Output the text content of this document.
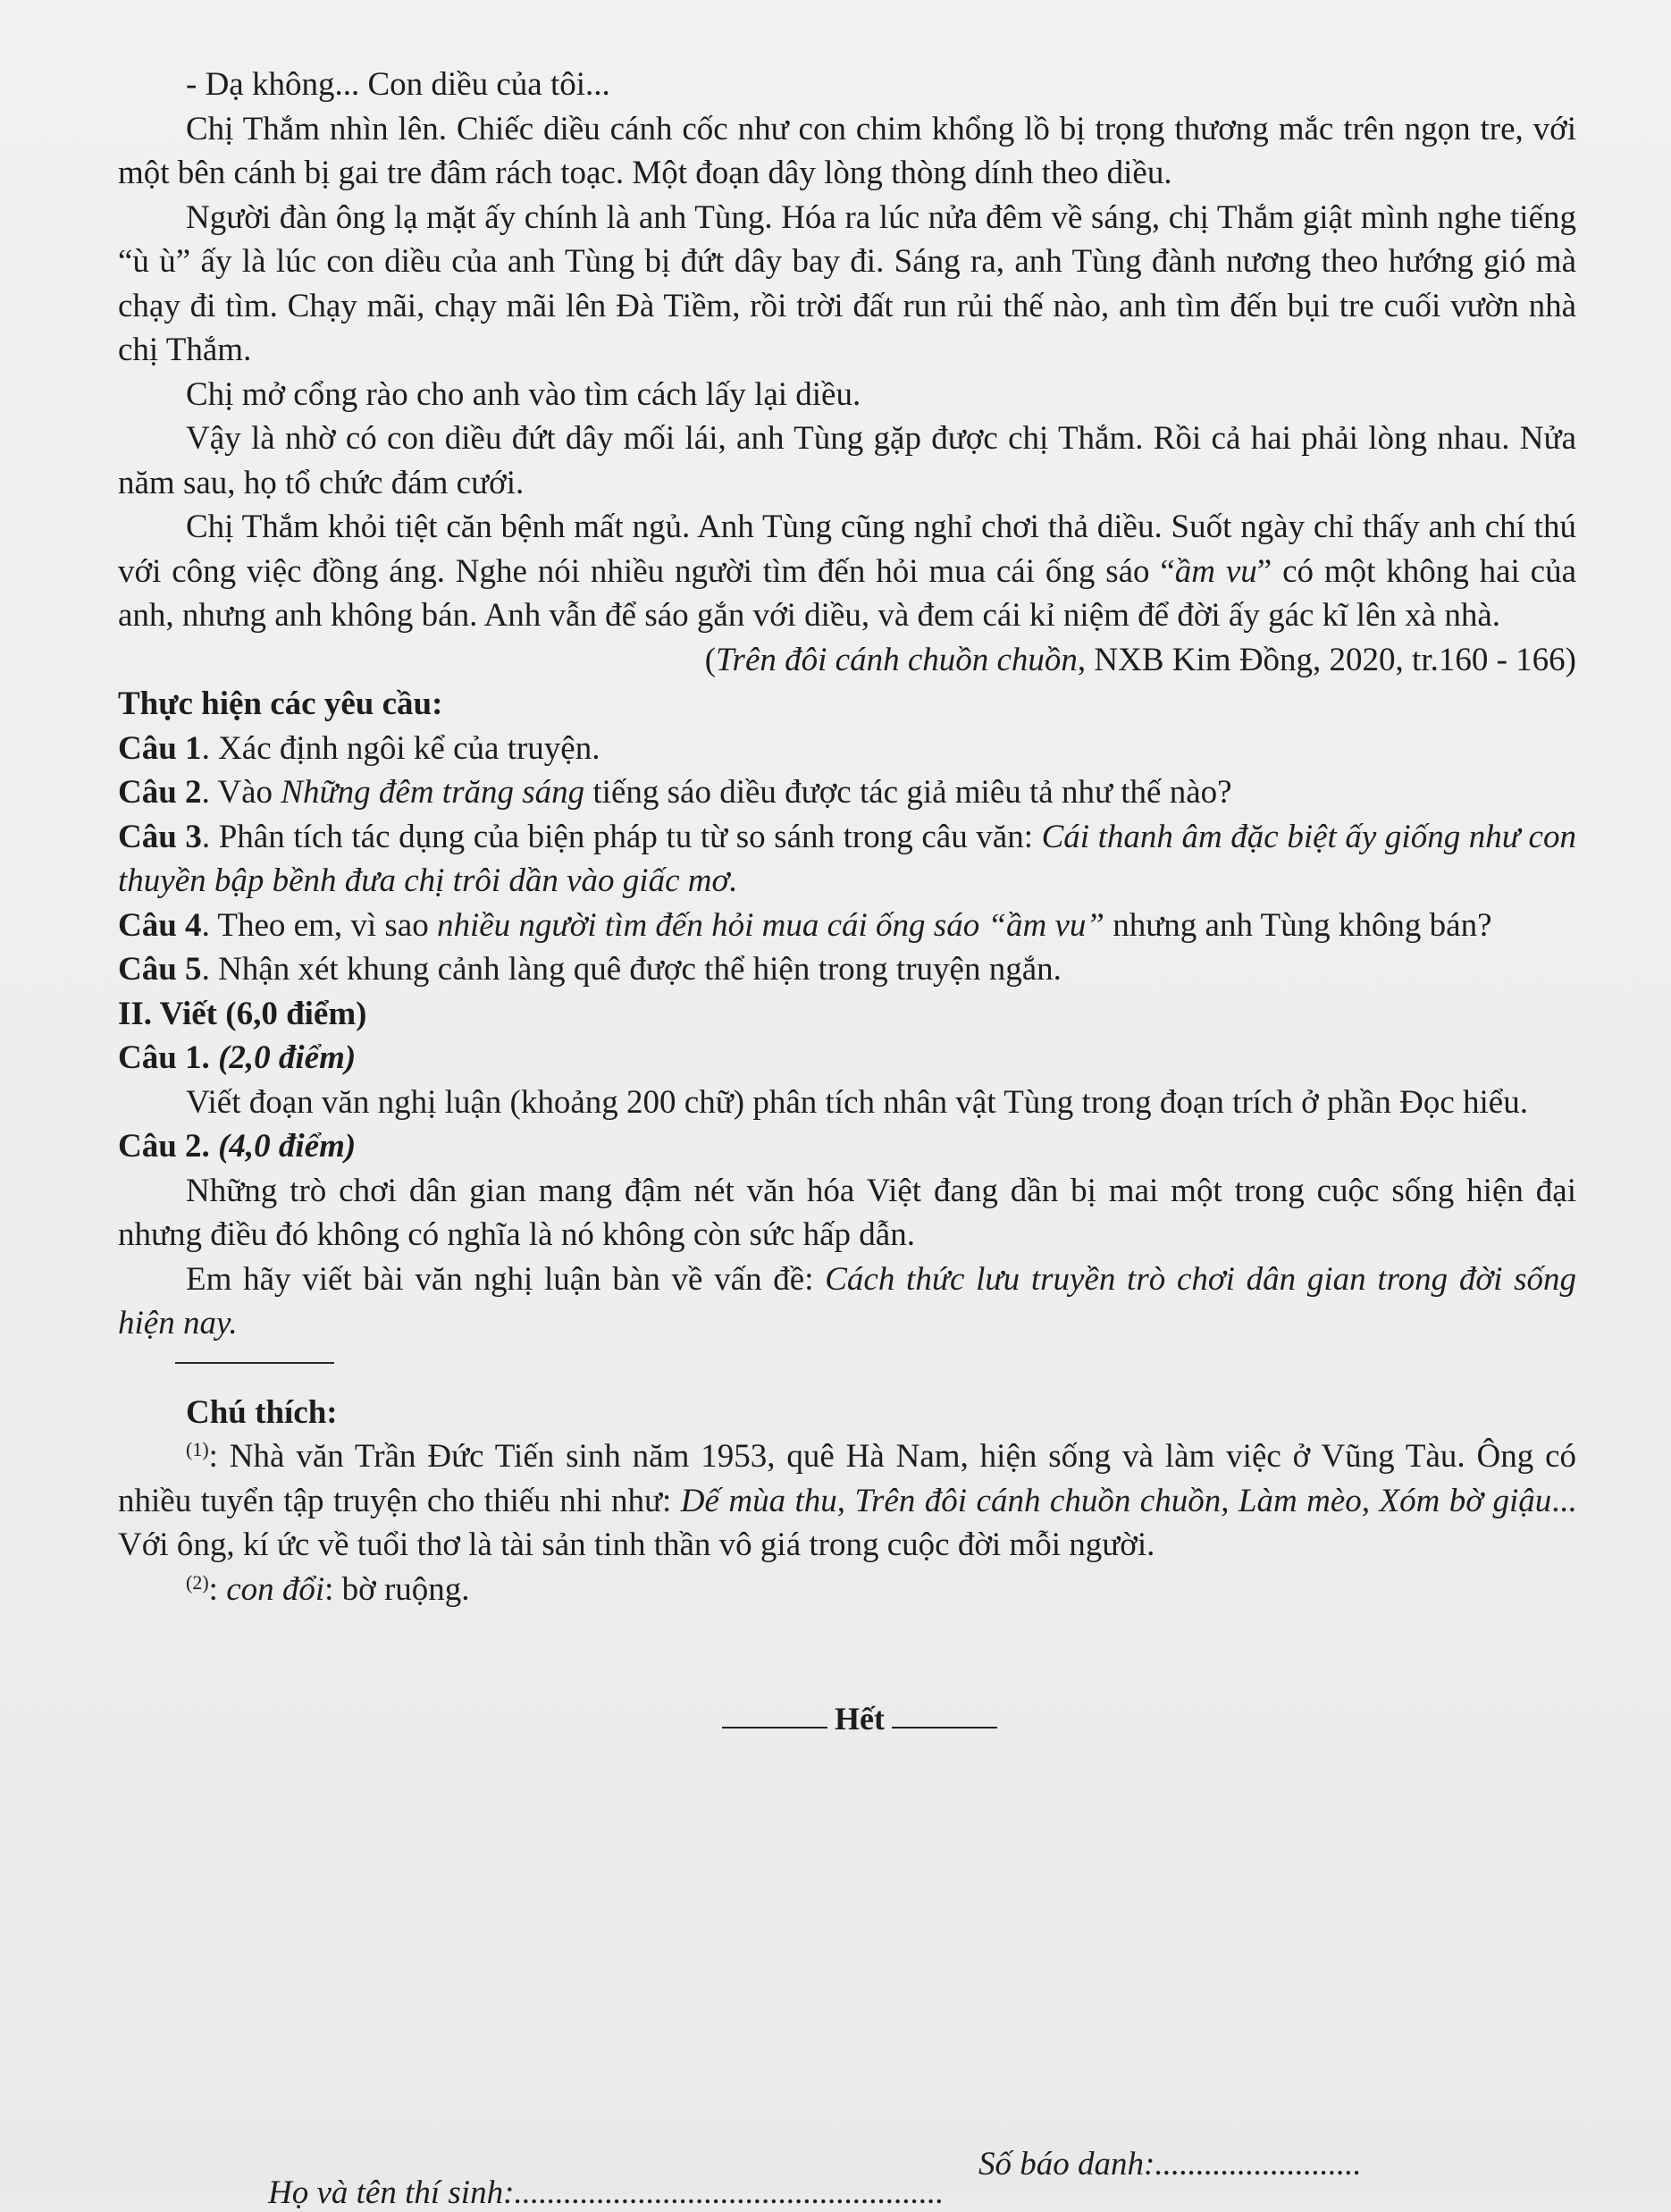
- Dạ không... Con diều của tôi...

Chị Thắm nhìn lên. Chiếc diều cánh cốc như con chim khổng lồ bị trọng thương mắc trên ngọn tre, với một bên cánh bị gai tre đâm rách toạc. Một đoạn dây lòng thòng dính theo diều.

Người đàn ông lạ mặt ấy chính là anh Tùng. Hóa ra lúc nửa đêm về sáng, chị Thắm giật mình nghe tiếng “ù ù” ấy là lúc con diều của anh Tùng bị đứt dây bay đi. Sáng ra, anh Tùng đành nương theo hướng gió mà chạy đi tìm. Chạy mãi, chạy mãi lên Đà Tiềm, rồi trời đất run rủi thế nào, anh tìm đến bụi tre cuối vườn nhà chị Thắm.

Chị mở cổng rào cho anh vào tìm cách lấy lại diều.

Vậy là nhờ có con diều đứt dây mối lái, anh Tùng gặp được chị Thắm. Rồi cả hai phải lòng nhau. Nửa năm sau, họ tổ chức đám cưới.

Chị Thắm khỏi tiệt căn bệnh mất ngủ. Anh Tùng cũng nghỉ chơi thả diều. Suốt ngày chỉ thấy anh chí thú với công việc đồng áng. Nghe nói nhiều người tìm đến hỏi mua cái ống sáo “ầm vu” có một không hai của anh, nhưng anh không bán. Anh vẫn để sáo gắn với diều, và đem cái kỉ niệm để đời ấy gác kĩ lên xà nhà.

(Trên đôi cánh chuồn chuồn, NXB Kim Đồng, 2020, tr.160 - 166)

Thực hiện các yêu cầu:

Câu 1. Xác định ngôi kể của truyện.

Câu 2. Vào Những đêm trăng sáng tiếng sáo diều được tác giả miêu tả như thế nào?

Câu 3. Phân tích tác dụng của biện pháp tu từ so sánh trong câu văn: Cái thanh âm đặc biệt ấy giống như con thuyền bập bềnh đưa chị trôi dần vào giấc mơ.

Câu 4. Theo em, vì sao nhiều người tìm đến hỏi mua cái ống sáo “ầm vu” nhưng anh Tùng không bán?

Câu 5. Nhận xét khung cảnh làng quê được thể hiện trong truyện ngắn.

II. Viết (6,0 điểm)

Câu 1. (2,0 điểm)

Viết đoạn văn nghị luận (khoảng 200 chữ) phân tích nhân vật Tùng trong đoạn trích ở phần Đọc hiểu.

Câu 2. (4,0 điểm)

Những trò chơi dân gian mang đậm nét văn hóa Việt đang dần bị mai một trong cuộc sống hiện đại nhưng điều đó không có nghĩa là nó không còn sức hấp dẫn.

Em hãy viết bài văn nghị luận bàn về vấn đề: Cách thức lưu truyền trò chơi dân gian trong đời sống hiện nay.

Chú thích:

$^{(1)}$: Nhà văn Trần Đức Tiến sinh năm 1953, quê Hà Nam, hiện sống và làm việc ở Vũng Tàu. Ông có nhiều tuyển tập truyện cho thiếu nhi như: Dế mùa thu, Trên đôi cánh chuồn chuồn, Làm mèo, Xóm bờ giậu... Với ông, kí ức về tuổi thơ là tài sản tinh thần vô giá trong cuộc đời mỗi người.

$^{(2)}$: con đổi: bờ ruộng.

Hết
Số báo danh:.........................
Họ và tên thí sinh:....................................................
